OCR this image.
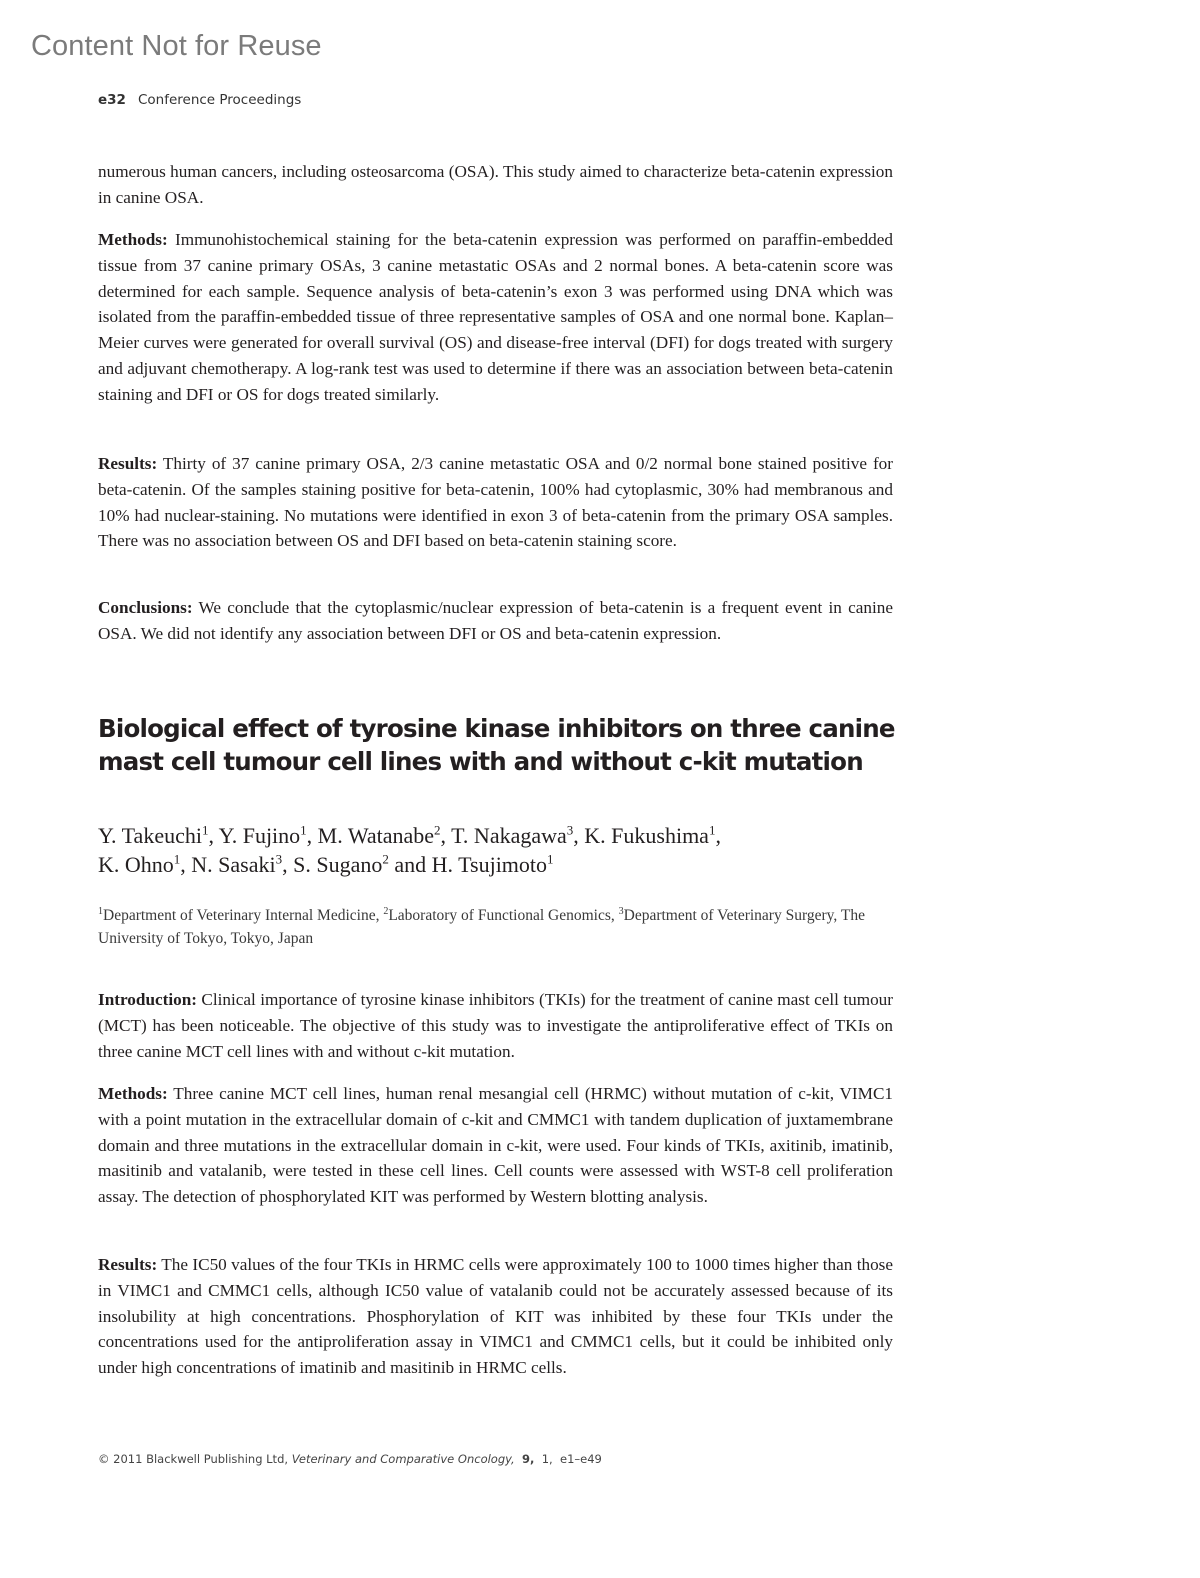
Content Not for Reuse
e32 Conference Proceedings

numerous human cancers, including osteosarcoma (OSA). This study aimed to characterize beta-catenin expression in canine OSA.

Methods: Immunohistochemical staining for the beta-catenin expression was performed on paraffin-embedded tissue from 37 canine primary OSAs, 3 canine metastatic OSAs and 2 normal bones. A beta-catenin score was determined for each sample. Sequence analysis of beta-catenin’s exon 3 was performed using DNA which was isolated from the paraffin-embedded tissue of three representative samples of OSA and one normal bone. Kaplan–Meier curves were generated for overall survival (OS) and disease-free interval (DFI) for dogs treated with surgery and adjuvant chemotherapy. A log-rank test was used to determine if there was an association between beta-catenin staining and DFI or OS for dogs treated similarly.

Results: Thirty of 37 canine primary OSA, 2/3 canine metastatic OSA and 0/2 normal bone stained positive for beta-catenin. Of the samples staining positive for beta-catenin, 100% had cytoplasmic, 30% had membranous and 10% had nuclear-staining. No mutations were identified in exon 3 of beta-catenin from the primary OSA samples. There was no association between OS and DFI based on beta-catenin staining score.

Conclusions: We conclude that the cytoplasmic/nuclear expression of beta-catenin is a frequent event in canine OSA. We did not identify any association between DFI or OS and beta-catenin expression.

Biological effect of tyrosine kinase inhibitors on three canine mast cell tumour cell lines with and without c-kit mutation
Y. Takeuchi$^1$, Y. Fujino$^1$, M. Watanabe$^2$, T. Nakagawa$^3$, K. Fukushima$^1$,
K. Ohno$^1$, N. Sasaki$^3$, S. Sugano$^2$ and H. Tsujimoto$^1$
$^1$Department of Veterinary Internal Medicine, $^2$Laboratory of Functional Genomics, $^3$Department of Veterinary Surgery, The University of Tokyo, Tokyo, Japan

Introduction: Clinical importance of tyrosine kinase inhibitors (TKIs) for the treatment of canine mast cell tumour (MCT) has been noticeable. The objective of this study was to investigate the antiproliferative effect of TKIs on three canine MCT cell lines with and without c-kit mutation.

Methods: Three canine MCT cell lines, human renal mesangial cell (HRMC) without mutation of c-kit, VIMC1 with a point mutation in the extracellular domain of c-kit and CMMC1 with tandem duplication of juxtamembrane domain and three mutations in the extracellular domain in c-kit, were used. Four kinds of TKIs, axitinib, imatinib, masitinib and vatalanib, were tested in these cell lines. Cell counts were assessed with WST-8 cell proliferation assay. The detection of phosphorylated KIT was performed by Western blotting analysis.

Results: The IC50 values of the four TKIs in HRMC cells were approximately 100 to 1000 times higher than those in VIMC1 and CMMC1 cells, although IC50 value of vatalanib could not be accurately assessed because of its insolubility at high concentrations. Phosphorylation of KIT was inhibited by these four TKIs under the concentrations used for the antiproliferation assay in VIMC1 and CMMC1 cells, but it could be inhibited only under high concentrations of imatinib and masitinib in HRMC cells.

© 2011 Blackwell Publishing Ltd, Veterinary and Comparative Oncology, 9, 1, e1–e49
